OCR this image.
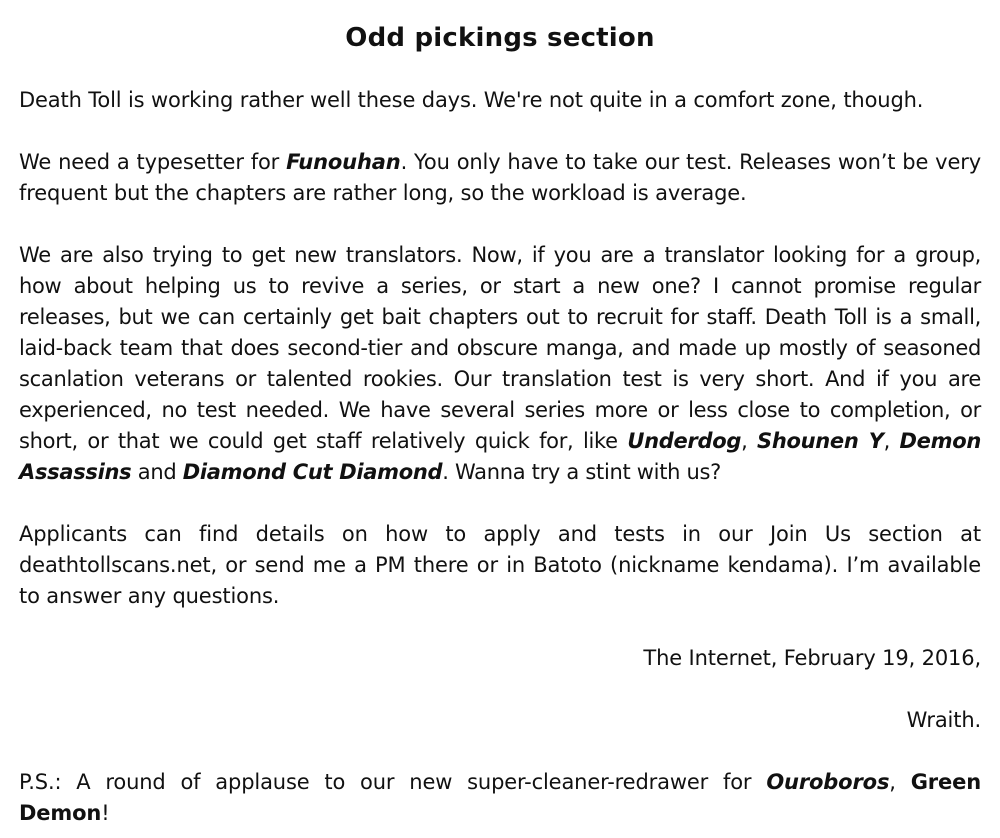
Odd pickings section

Death Toll is working rather well these days. We're not quite in a comfort zone, though.

We need a typesetter for Funouhan. You only have to take our test. Releases won’t be very frequent but the chapters are rather long, so the workload is average.

We are also trying to get new translators. Now, if you are a translator looking for a group, how about helping us to revive a series, or start a new one? I cannot promise regular releases, but we can certainly get bait chapters out to recruit for staff. Death Toll is a small, laid-back team that does second-tier and obscure manga, and made up mostly of seasoned scanlation veterans or talented rookies. Our translation test is very short. And if you are experienced, no test needed. We have several series more or less close to completion, or short, or that we could get staff relatively quick for, like Underdog, Shounen Y, Demon Assassins and Diamond Cut Diamond. Wanna try a stint with us?

Applicants can find details on how to apply and tests in our Join Us section at deathtollscans.net, or send me a PM there or in Batoto (nickname kendama). I’m available to answer any questions.

The Internet, February 19, 2016,

Wraith.

P.S.: A round of applause to our new super-cleaner-redrawer for Ouroboros, Green Demon!
